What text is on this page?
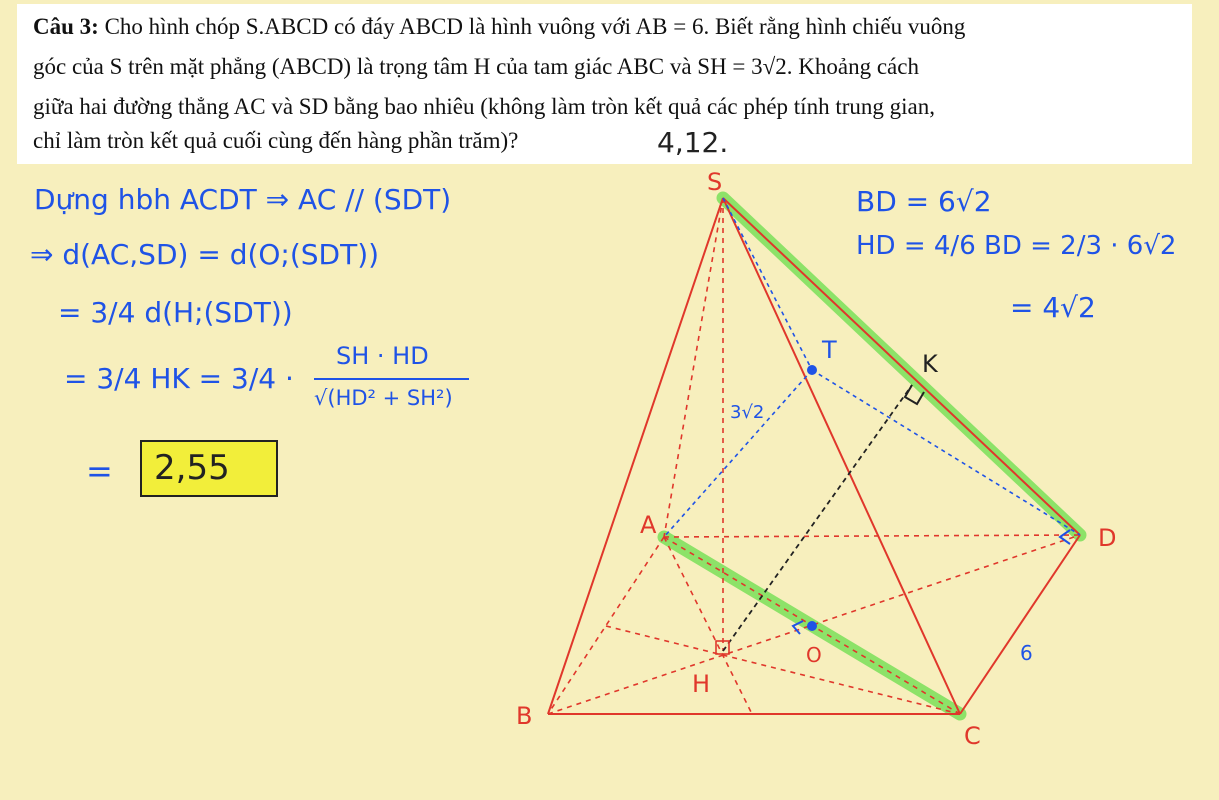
Câu 3: Cho hình chóp S.ABCD có đáy ABCD là hình vuông với AB = 6. Biết rằng hình chiếu vuông
góc của S trên mặt phẳng (ABCD) là trọng tâm H của tam giác ABC và SH = 3√2. Khoảng cách
giữa hai đường thẳng AC và SD bằng bao nhiêu (không làm tròn kết quả các phép tính trung gian,
chỉ làm tròn kết quả cuối cùng đến hàng phần trăm)?	4,12.
Dựng hbh ACDT ⇒ AC // (SDT)
⇒ d(AC,SD) = d(O;(SDT))
= 3/4 d(H;(SDT))
= 3/4 HK = 3/4 ·
SH · HD
√(HD² + SH²)
= 2,55
BD = 6√2
HD = 4/6 BD = 2/3 · 6√2
= 4√2
S
T	K
A	D
B
C
O
H
3√2
6
